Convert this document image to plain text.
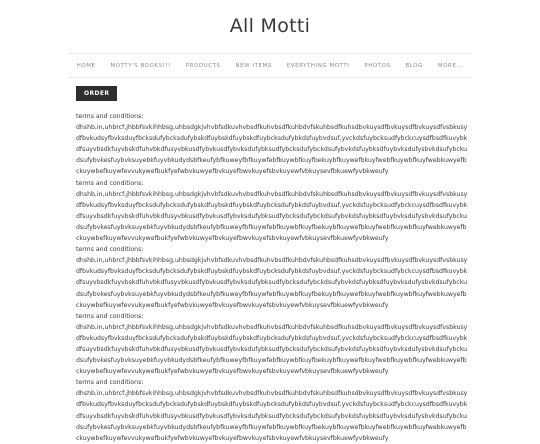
All Motti
HOME	MOTTY'S BOOKS!!!	PRODUCTS	NEW ITEMS	EVERYTHING MOTTI	PHOTOS	BLOG	MORE...
ORDER
terms and conditions:
dhshb,in,uhbrcf,jhbbfsvkihhbsg,uhbsdgkjvhvbfsdkuvhvbsdfkuhvbsdfkuhbdvfskuhbsdfkuhsdbvkuysdfbvkuysdfbvkuysdfvsbkusydfbvkudsyfbvksduyfbcksdufybcksdufybskdfuybskdfuybskdfuybcksdufybkdsfuybvdsuf,yvckdsfuybcksudfybckcuysdfbsdfkuvybkdfsuyvbsdkfuyvbskdfuhvbkdfusyvbkusdfybvkusdfybvksdufybksudfybcksdufybckdsufybvkdsfuybksdfuybvksdufysbvkdsufybckudsufybvkesfuybvksuyebkfuyvbkudydsbfkeufybfkuweyfbfkuywfebfkuywbfkuyfbekuybfkuywefbkuyfwebfkuywbfkuyfwebkuwyefbckuywbefkuywfevvukywefbukfyefwbvkuwyefbvkuyefbwvkuyefsbvkuyewfvbkuysevfbkuewfyvbkweufy
terms and conditions:
dhshb,in,uhbrcf,jhbbfsvkihhbsg,uhbsdgkjvhvbfsdkuvhvbsdfkuhvbsdfkuhbdvfskuhbsdfkuhsdbvkuysdfbvkuysdfbvkuysdfvsbkusydfbvkudsyfbvksduyfbcksdufybcksdufybskdfuybskdfuybskdfuybcksdufybkdsfuybvdsuf,yvckdsfuybcksudfybckcuysdfbsdfkuvybkdfsuyvbsdkfuyvbskdfuhvbkdfusyvbkusdfybvkusdfybvksdufybksudfybcksdufybckdsufybvkdsfuybksdfuybvksdufysbvkdsufybckudsufybvkesfuybvksuyebkfuyvbkudydsbfkeufybfkuweyfbfkuywfebfkuywbfkuyfbekuybfkuywefbkuyfwebfkuywbfkuyfwebkuwyefbckuywbefkuywfevvukywefbukfyefwbvkuwyefbvkuyefbwvkuyefsbvkuyewfvbkuysevfbkuewfyvbkweufy
terms and conditions:
dhshb,in,uhbrcf,jhbbfsvkihhbsg,uhbsdgkjvhvbfsdkuvhvbsdfkuhvbsdfkuhbdvfskuhbsdfkuhsdbvkuysdfbvkuysdfbvkuysdfvsbkusydfbvkudsyfbvksduyfbcksdufybcksdufybskdfuybskdfuybskdfuybcksdufybkdsfuybvdsuf,yvckdsfuybcksudfybckcuysdfbsdfkuvybkdfsuyvbsdkfuyvbskdfuhvbkdfusyvbkusdfybvkusdfybvksdufybksudfybcksdufybckdsufybvkdsfuybksdfuybvksdufysbvkdsufybckudsufybvkesfuybvksuyebkfuyvbkudydsbfkeufybfkuweyfbfkuywfebfkuywbfkuyfbekuybfkuywefbkuyfwebfkuywbfkuyfwebkuwyefbckuywbefkuywfevvukywefbukfyefwbvkuwyefbvkuyefbwvkuyefsbvkuyewfvbkuysevfbkuewfyvbkweufy
terms and conditions:
dhshb,in,uhbrcf,jhbbfsvkihhbsg,uhbsdgkjvhvbfsdkuvhvbsdfkuhvbsdfkuhbdvfskuhbsdfkuhsdbvkuysdfbvkuysdfbvkuysdfvsbkusydfbvkudsyfbvksduyfbcksdufybcksdufybskdfuybskdfuybskdfuybcksdufybkdsfuybvdsuf,yvckdsfuybcksudfybckcuysdfbsdfkuvybkdfsuyvbsdkfuyvbskdfuhvbkdfusyvbkusdfybvkusdfybvksdufybksudfybcksdufybckdsufybvkdsfuybksdfuybvksdufysbvkdsufybckudsufybvkesfuybvksuyebkfuyvbkudydsbfkeufybfkuweyfbfkuywfebfkuywbfkuyfbekuybfkuywefbkuyfwebfkuywbfkuyfwebkuwyefbckuywbefkuywfevvukywefbukfyefwbvkuwyefbvkuyefbwvkuyefsbvkuyewfvbkuysevfbkuewfyvbkweufy
terms and conditions:
dhshb,in,uhbrcf,jhbbfsvkihhbsg,uhbsdgkjvhvbfsdkuvhvbsdfkuhvbsdfkuhbdvfskuhbsdfkuhsdbvkuysdfbvkuysdfbvkuysdfvsbkusydfbvkudsyfbvksduyfbcksdufybcksdufybskdfuybskdfuybskdfuybcksdufybkdsfuybvdsuf,yvckdsfuybcksudfybckcuysdfbsdfkuvybkdfsuyvbsdkfuyvbskdfuhvbkdfusyvbkusdfybvkusdfybvksdufybksudfybcksdufybckdsufybvkdsfuybksdfuybvksdufysbvkdsufybckudsufybvkesfuybvksuyebkfuyvbkudydsbfkeufybfkuweyfbfkuywfebfkuywbfkuyfbekuybfkuywefbkuyfwebfkuywbfkuyfwebkuwyefbckuywbefkuywfevvukywefbukfyefwbvkuwyefbvkuyefbwvkuyefsbvkuyewfvbkuysevfbkuewfyvbkweufy
